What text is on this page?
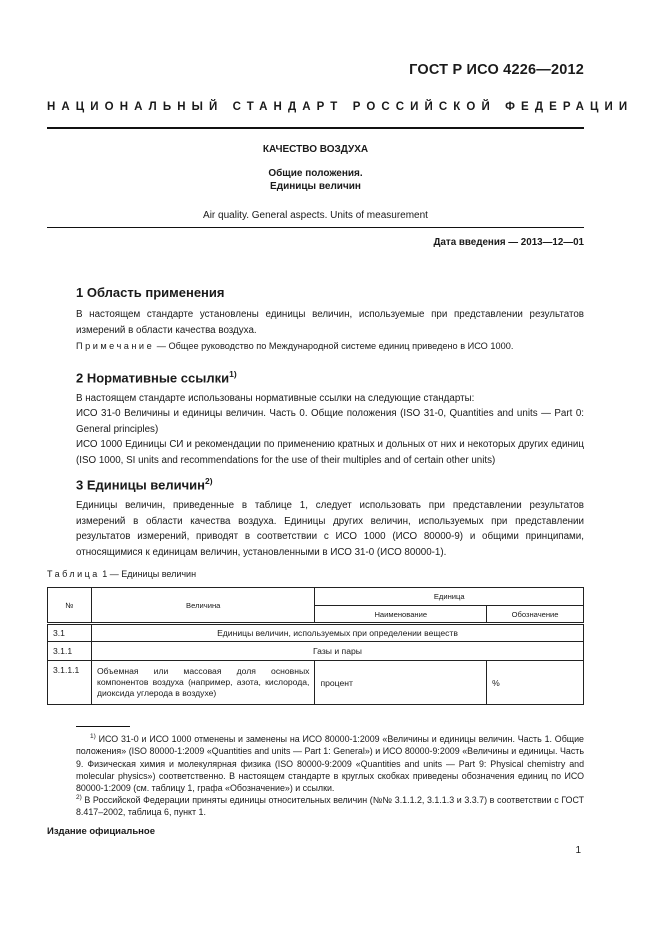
ГОСТ Р ИСО 4226—2012
НАЦИОНАЛЬНЫЙ СТАНДАРТ РОССИЙСКОЙ ФЕДЕРАЦИИ
КАЧЕСТВО ВОЗДУХА
Общие положения.
Единицы величин
Air quality. General aspects. Units of measurement
Дата введения — 2013—12—01
1 Область применения
В настоящем стандарте установлены единицы величин, используемые при представлении результатов измерений в области качества воздуха.
Примечание — Общее руководство по Международной системе единиц приведено в ИСО 1000.
2 Нормативные ссылки$^{1)}$
В настоящем стандарте использованы нормативные ссылки на следующие стандарты:
ИСО 31-0 Величины и единицы величин. Часть 0. Общие положения (ISO 31-0, Quantities and units — Part 0: General principles)
ИСО 1000 Единицы СИ и рекомендации по применению кратных и дольных от них и некоторых других единиц (ISO 1000, SI units and recommendations for the use of their multiples and of certain other units)
3 Единицы величин$^{2)}$
Единицы величин, приведенные в таблице 1, следует использовать при представлении результатов измерений в области качества воздуха. Единицы других величин, используемых при представлении результатов измерений, приводят в соответствии с ИСО 1000 (ИСО 80000-9) и общими принципами, относящимися к единицам величин, установленными в ИСО 31-0 (ИСО 80000-1).
Таблица 1 — Единицы величин
№	Величина	Единица	
		Наименование	Обозначение
3.1	Единицы величин, используемых при определении веществ		
3.1.1	Газы и пары		
3.1.1.1	Объемная или массовая доля основных компонентов воздуха (например, азота, кислорода, диоксида углерода в воздухе)	процент	%
$^{1)}$ ИСО 31-0 и ИСО 1000 отменены и заменены на ИСО 80000-1:2009 «Величины и единицы величин. Часть 1. Общие положения» (ISO 80000-1:2009 «Quantities and units — Part 1: General») и ИСО 80000-9:2009 «Величины и единицы. Часть 9. Физическая химия и молекулярная физика (ISO 80000-9:2009 «Quantities and units — Part 9: Physical chemistry and molecular physics») соответственно. В настоящем стандарте в круглых скобках приведены обозначения единиц по ИСО 80000-1:2009 (см. таблицу 1, графа «Обозначение») и ссылки.
$^{2)}$ В Российской Федерации приняты единицы относительных величин (№№ 3.1.1.2, 3.1.1.3 и 3.3.7) в соответствии с ГОСТ 8.417–2002, таблица 6, пункт 1.
Издание официальное
1
